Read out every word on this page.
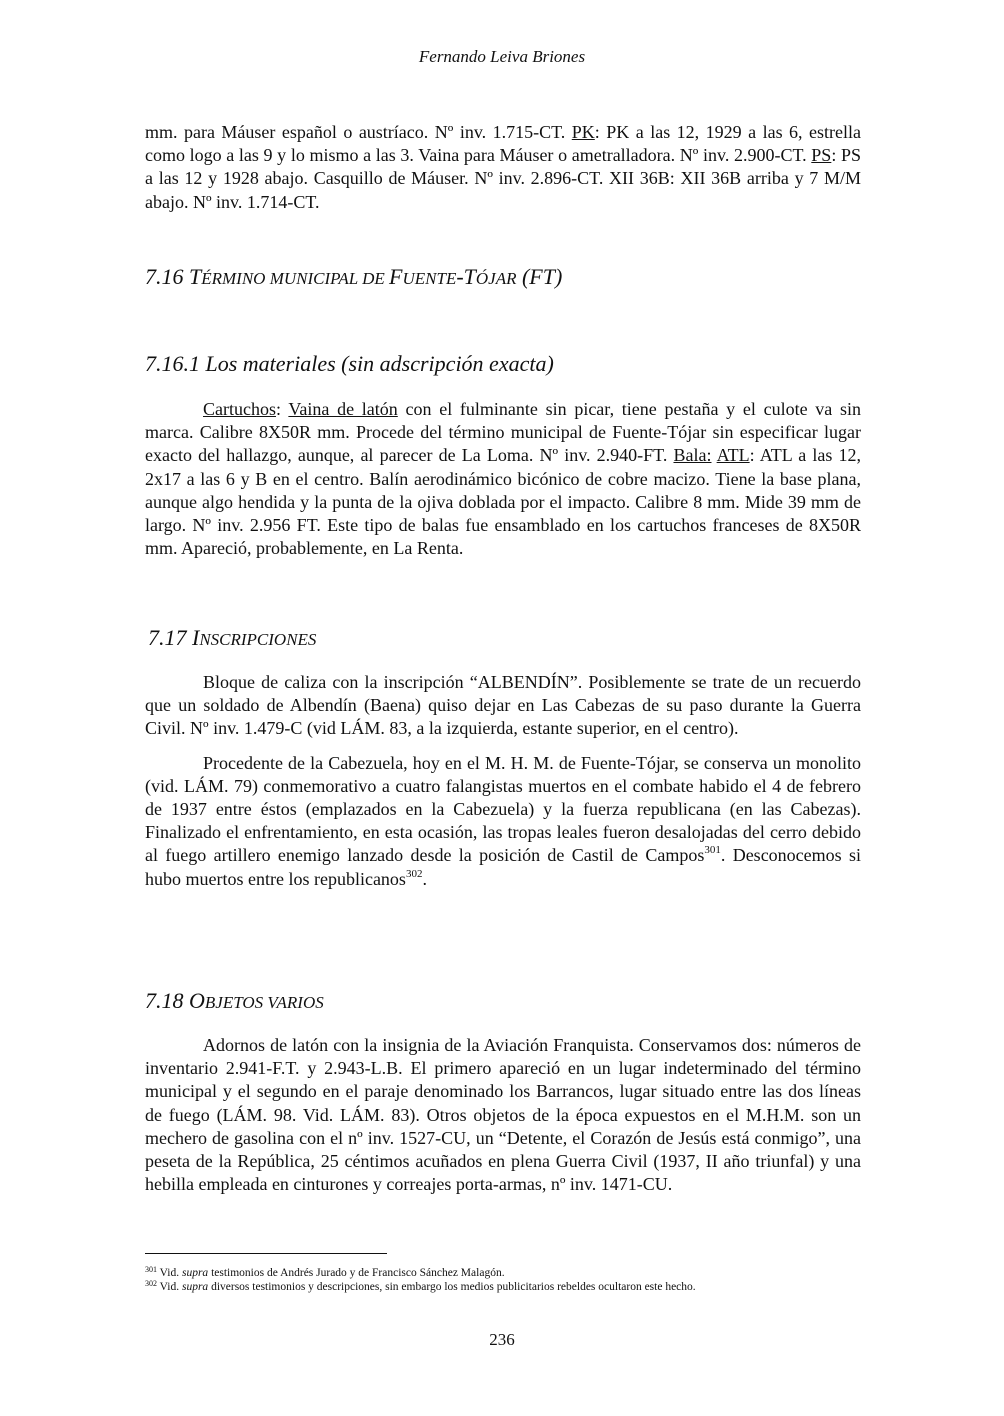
Fernando Leiva Briones

mm. para Máuser español o austríaco. Nº inv. 1.715-CT. PK: PK a las 12, 1929 a las 6, estrella como logo a las 9 y lo mismo a las 3. Vaina para Máuser o ametralladora. Nº inv. 2.900-CT. PS: PS a las 12 y 1928 abajo. Casquillo de Máuser. Nº inv. 2.896-CT. XII 36B: XII 36B arriba y 7 M/M abajo. Nº inv. 1.714-CT.

7.16 TÉRMINO MUNICIPAL DE FUENTE-TÓJAR (FT)
7.16.1 Los materiales (sin adscripción exacta)

Cartuchos: Vaina de latón con el fulminante sin picar, tiene pestaña y el culote va sin marca. Calibre 8X50R mm. Procede del término municipal de Fuente-Tójar sin especificar lugar exacto del hallazgo, aunque, al parecer de La Loma. Nº inv. 2.940-FT. Bala: ATL: ATL a las 12, 2x17 a las 6 y B en el centro. Balín aerodinámico bicónico de cobre macizo. Tiene la base plana, aunque algo hendida y la punta de la ojiva doblada por el impacto. Calibre 8 mm. Mide 39 mm de largo. Nº inv. 2.956 FT. Este tipo de balas fue ensamblado en los cartuchos franceses de 8X50R mm. Apareció, probablemente, en La Renta.

7.17 INSCRIPCIONES

Bloque de caliza con la inscripción “ALBENDÍN”. Posiblemente se trate de un recuerdo que un soldado de Albendín (Baena) quiso dejar en Las Cabezas de su paso durante la Guerra Civil. Nº inv. 1.479-C (vid LÁM. 83, a la izquierda, estante superior, en el centro).

Procedente de la Cabezuela, hoy en el M. H. M. de Fuente-Tójar, se conserva un monolito (vid. LÁM. 79) conmemorativo a cuatro falangistas muertos en el combate habido el 4 de febrero de 1937 entre éstos (emplazados en la Cabezuela) y la fuerza republicana (en las Cabezas). Finalizado el enfrentamiento, en esta ocasión, las tropas leales fueron desalojadas del cerro debido al fuego artillero enemigo lanzado desde la posición de Castil de Campos$^{301}$. Desconocemos si hubo muertos entre los republicanos$^{302}$.

7.18 OBJETOS VARIOS

Adornos de latón con la insignia de la Aviación Franquista. Conservamos dos: números de inventario 2.941-F.T. y 2.943-L.B. El primero apareció en un lugar indeterminado del término municipal y el segundo en el paraje denominado los Barrancos, lugar situado entre las dos líneas de fuego (LÁM. 98. Vid. LÁM. 83). Otros objetos de la época expuestos en el M.H.M. son un mechero de gasolina con el nº inv. 1527-CU, un “Detente, el Corazón de Jesús está conmigo”, una peseta de la República, 25 céntimos acuñados en plena Guerra Civil (1937, II año triunfal) y una hebilla empleada en cinturones y correajes porta-armas, nº inv. 1471-CU.

$^{301}$ Vid. supra testimonios de Andrés Jurado y de Francisco Sánchez Malagón.
$^{302}$ Vid. supra diversos testimonios y descripciones, sin embargo los medios publicitarios rebeldes ocultaron este hecho.
236
